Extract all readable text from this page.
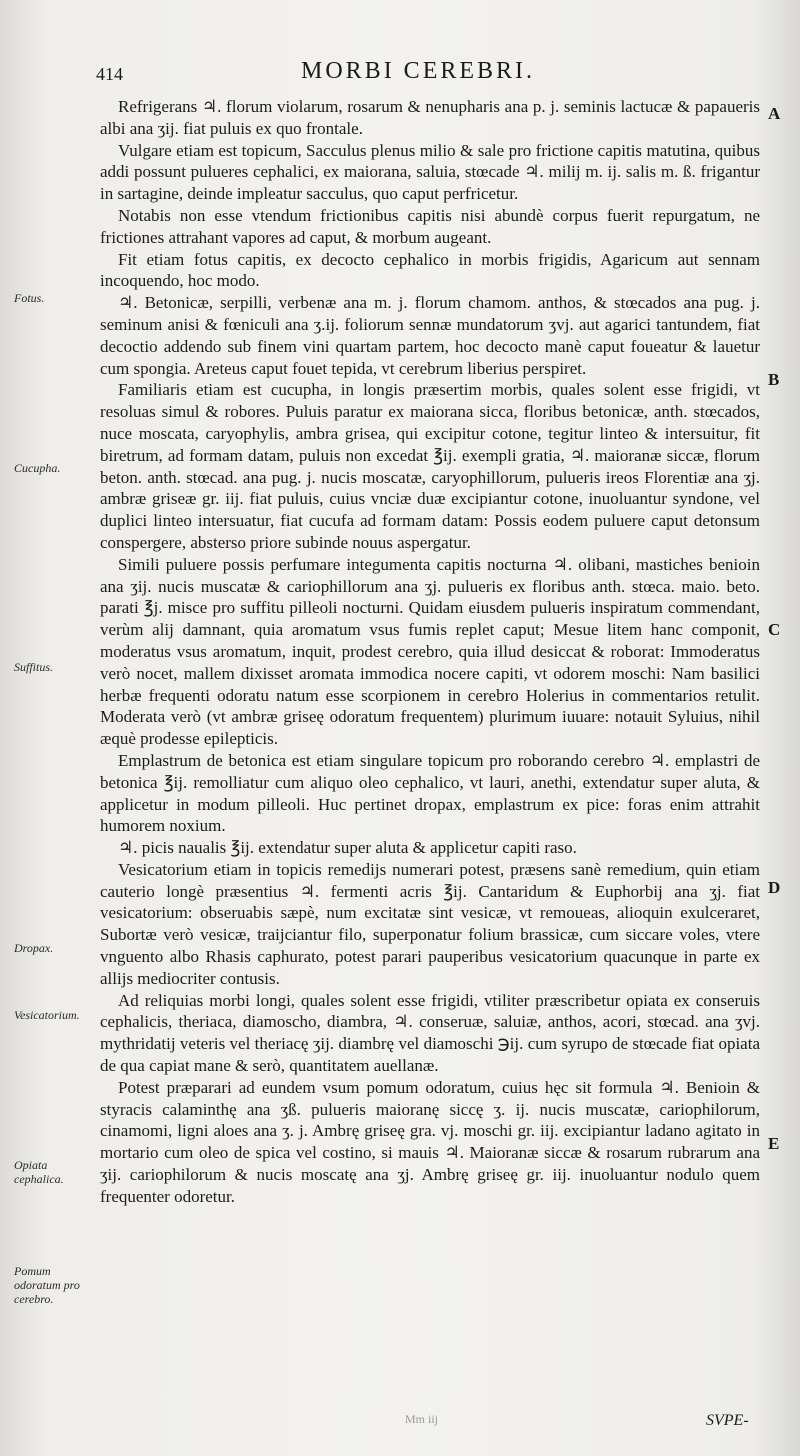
414	MORBI CEREBRI.

Refrigerans ♃. florum violarum, rosarum & nenupharis ana p. j. seminis lactucæ & papaueris albi ana ʒij. fiat puluis ex quo frontale.

Vulgare etiam est topicum, Sacculus plenus milio & sale pro frictione capitis matutina, quibus addi possunt pulueres cephalici, ex maiorana, saluia, stœcade ♃. milij m. ij. salis m. ß. frigantur in sartagine, deinde impleatur sacculus, quo caput perfricetur.

Notabis non esse vtendum frictionibus capitis nisi abundè corpus fuerit repurgatum, ne frictiones attrahant vapores ad caput, & morbum augeant.

Fit etiam fotus capitis, ex decocto cephalico in morbis frigidis, Agaricum aut sennam incoquendo, hoc modo.

♃. Betonicæ, serpilli, verbenæ ana m. j. florum chamom. anthos, & stœcados ana pug. j. seminum anisi & fœniculi ana ʒ.ij. foliorum sennæ mundatorum ʒvj. aut agarici tantundem, fiat decoctio addendo sub finem vini quartam partem, hoc decocto manè caput foueatur & lauetur cum spongia. Areteus caput fouet tepida, vt cerebrum liberius perspiret.

Familiaris etiam est cucupha, in longis præsertim morbis, quales solent esse frigidi, vt resoluas simul & robores. Puluis paratur ex maiorana sicca, floribus betonicæ, anth. stœcados, nuce moscata, caryophylis, ambra grisea, qui excipitur cotone, tegitur linteo & intersuitur, fit biretrum, ad formam datam, puluis non excedat ℥ij. exempli gratia, ♃. maioranæ siccæ, florum beton. anth. stœcad. ana pug. j. nucis moscatæ, caryophillorum, pulueris ireos Florentiæ ana ʒj. ambræ griseæ gr. iij. fiat puluis, cuius vnciæ duæ excipiantur cotone, inuoluantur syndone, vel duplici linteo intersuatur, fiat cucufa ad formam datam: Possis eodem puluere caput detonsum conspergere, absterso priore subinde nouus aspergatur.

Simili puluere possis perfumare integumenta capitis nocturna ♃. olibani, mastiches benioin ana ʒij. nucis muscatæ & cariophillorum ana ʒj. pulueris ex floribus anth. stœca. maio. beto. parati ℥j. misce pro suffitu pilleoli nocturni. Quidam eiusdem pulueris inspiratum commendant, verùm alij damnant, quia aromatum vsus fumis replet caput; Mesue litem hanc componit, moderatus vsus aromatum, inquit, prodest cerebro, quia illud desiccat & roborat: Immoderatus verò nocet, mallem dixisset aromata immodica nocere capiti, vt odorem moschi: Nam basilici herbæ frequenti odoratu natum esse scorpionem in cerebro Holerius in commentarios retulit. Moderata verò (vt ambræ griseę odoratum frequentem) plurimum iuuare: notauit Syluius, nihil æquè prodesse epilepticis.

Emplastrum de betonica est etiam singulare topicum pro roborando cerebro ♃. emplastri de betonica ℥ij. remolliatur cum aliquo oleo cephalico, vt lauri, anethi, extendatur super aluta, & applicetur in modum pilleoli. Huc pertinet dropax, emplastrum ex pice: foras enim attrahit humorem noxium.

♃. picis naualis ℥ij. extendatur super aluta & applicetur capiti raso.

Vesicatorium etiam in topicis remedijs numerari potest, præsens sanè remedium, quin etiam cauterio longè præsentius ♃. fermenti acris ℥ij. Cantaridum & Euphorbij ana ʒj. fiat vesicatorium: obseruabis sæpè, num excitatæ sint vesicæ, vt remoueas, alioquin exulceraret, Subortæ verò vesicæ, traijciantur filo, superponatur folium brassicæ, cum siccare voles, vtere vnguento albo Rhasis caphurato, potest parari pauperibus vesicatorium quacunque in parte ex allijs mediocriter contusis.

Ad reliquias morbi longi, quales solent esse frigidi, vtiliter præscribetur opiata ex conseruis cephalicis, theriaca, diamoscho, diambra, ♃. conseruæ, saluiæ, anthos, acori, stœcad. ana ʒvj. mythridatij veteris vel theriacę ʒij. diambrę vel diamoschi ℈ij. cum syrupo de stœcade fiat opiata de qua capiat mane & serò, quantitatem auellanæ.

Potest præparari ad eundem vsum pomum odoratum, cuius hęc sit formula ♃. Benioin & styracis calaminthę ana ʒß. pulueris maioranę siccę ʒ. ij. nucis muscatæ, cariophilorum, cinamomi, ligni aloes ana ʒ. j. Ambrę griseę gra. vj. moschi gr. iij. excipiantur ladano agitato in mortario cum oleo de spica vel costino, si mauis ♃. Maioranæ siccæ & rosarum rubrarum ana ʒij. cariophilorum & nucis moscatę ana ʒj. Ambrę griseę gr. iij. inuoluantur nodulo quem frequenter odoretur.

Fotus.
Cucupha.
Suffitus.
Dropax.
Vesicatorium.
Opiata cephalica.
Pomum odoratum pro cerebro.
A
B
C
D
E
Mm iij	SVPE-
